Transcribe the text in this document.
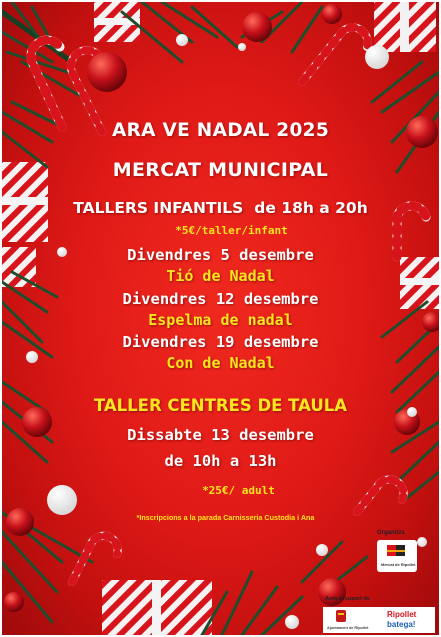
ARA VE NADAL 2025
MERCAT MUNICIPAL
TALLERS INFANTILS de 18h a 20h
*5€/taller/infant
Divendres 5 desembre
Tió de Nadal
Divendres 12 desembre
Espelma de nadal
Divendres 19 desembre
Con de Nadal
TALLER CENTRES DE TAULA
Dissabte 13 desembre
de 10h a 13h
*25€/ adult
*Inscripcions a la parada Carnisseria Custodia i Ana
Organitza
Mercat de Ripollet
Amb el suport de
Ajuntament de Ripollet
Ripollet
batega!
